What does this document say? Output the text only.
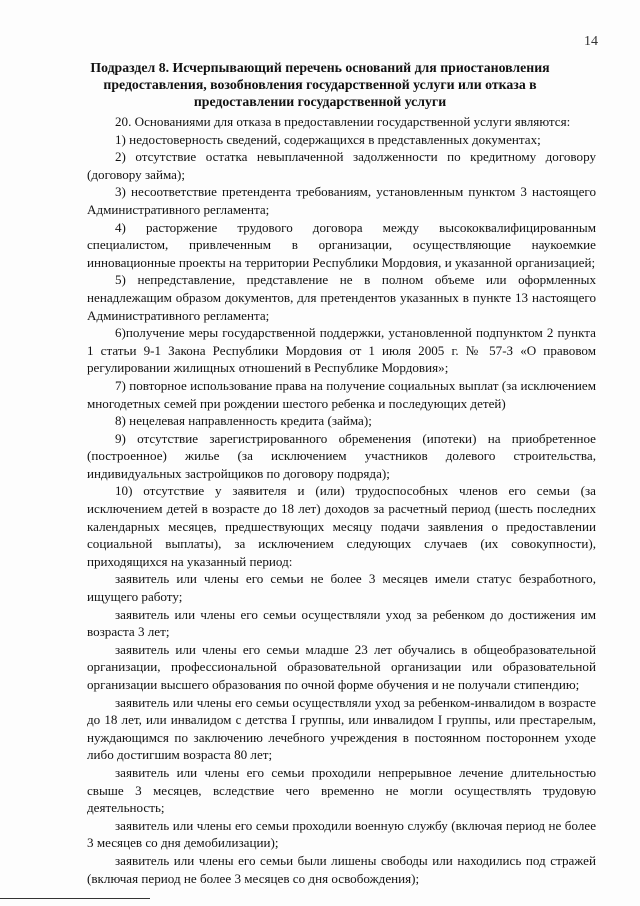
14
Подраздел 8. Исчерпывающий перечень оснований для приостановления
предоставления, возобновления государственной услуги или отказа в
предоставлении государственной услуги

20. Основаниями для отказа в предоставлении государственной услуги являются:

1) недостоверность сведений, содержащихся в представленных документах;

2) отсутствие остатка невыплаченной задолженности по кредитному договору (договору займа);

3) несоответствие претендента требованиям, установленным пунктом 3 настоящего Административного регламента;

4) расторжение трудового договора между высококвалифицированным специалистом, привлеченным в организации, осуществляющие наукоемкие инновационные проекты на территории Республики Мордовия, и указанной организацией;

5) непредставление, представление не в полном объеме или оформленных ненадлежащим образом документов, для претендентов указанных в пункте 13 настоящего Административного регламента;

6)получение меры государственной поддержки, установленной подпунктом 2 пункта 1 статьи 9-1 Закона Республики Мордовия от 1 июля 2005 г. № 57-З «О правовом регулировании жилищных отношений в Республике Мордовия»;

7) повторное использование права на получение социальных выплат (за исключением многодетных семей при рождении шестого ребенка и последующих детей)

8) нецелевая направленность кредита (займа);

9) отсутствие зарегистрированного обременения (ипотеки) на приобретенное (построенное) жилье (за исключением участников долевого строительства, индивидуальных застройщиков по договору подряда);

10) отсутствие у заявителя и (или) трудоспособных членов его семьи (за исключением детей в возрасте до 18 лет) доходов за расчетный период (шесть последних календарных месяцев, предшествующих месяцу подачи заявления о предоставлении социальной выплаты), за исключением следующих случаев (их совокупности), приходящихся на указанный период:

заявитель или члены его семьи не более 3 месяцев имели статус безработного, ищущего работу;

заявитель или члены его семьи осуществляли уход за ребенком до достижения им возраста 3 лет;

заявитель или члены его семьи младше 23 лет обучались в общеобразовательной организации, профессиональной образовательной организации или образовательной организации высшего образования по очной форме обучения и не получали стипендию;

заявитель или члены его семьи осуществляли уход за ребенком-инвалидом в возрасте до 18 лет, или инвалидом с детства I группы, или инвалидом I группы, или престарелым, нуждающимся по заключению лечебного учреждения в постоянном постороннем уходе либо достигшим возраста 80 лет;

заявитель или члены его семьи проходили непрерывное лечение длительностью свыше 3 месяцев, вследствие чего временно не могли осуществлять трудовую деятельность;

заявитель или члены его семьи проходили военную службу (включая период не более 3 месяцев со дня демобилизации);

заявитель или члены его семьи были лишены свободы или находились под стражей (включая период не более 3 месяцев со дня освобождения);
